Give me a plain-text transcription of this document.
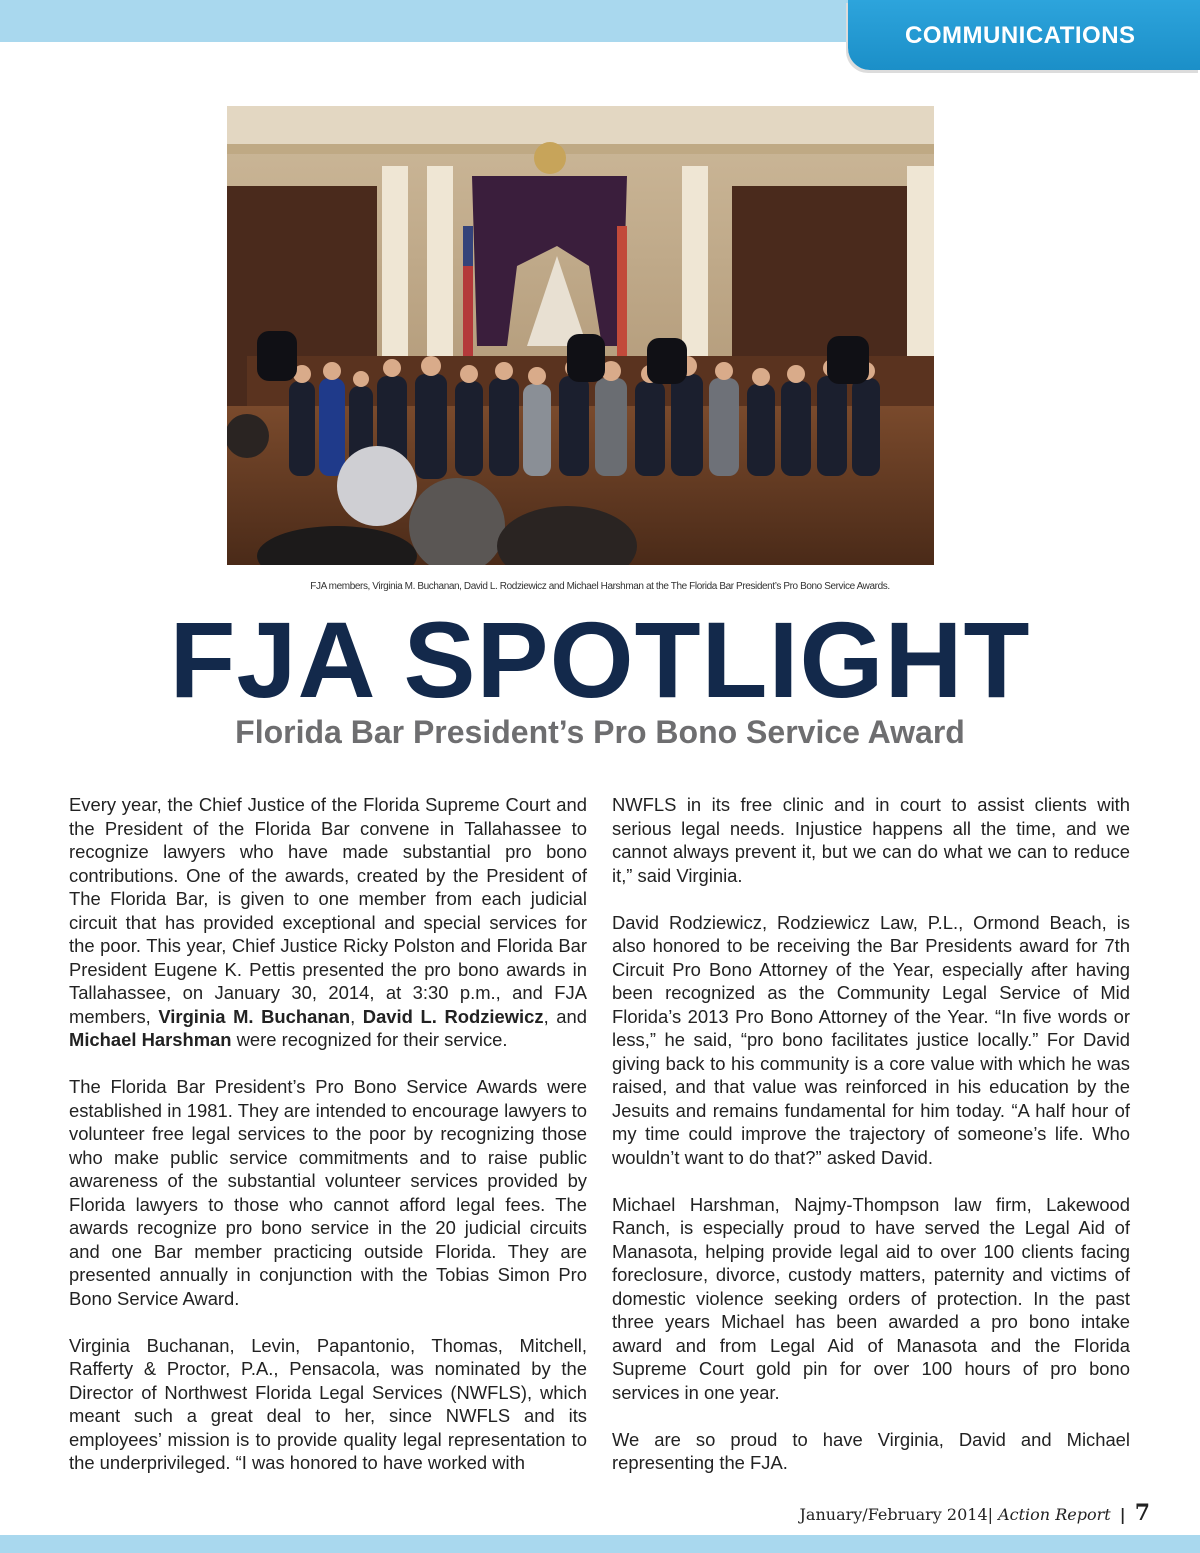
COMMUNICATIONS
FJA members, Virginia M. Buchanan, David L. Rodziewicz and Michael Harshman at the The Florida Bar President’s Pro Bono Service Awards.
FJA SPOTLIGHT
Florida Bar President’s Pro Bono Service Award

Every year, the Chief Justice of the Florida Supreme Court and the President of the Florida Bar convene in Tallahassee to recognize lawyers who have made substantial pro bono contributions. One of the awards, created by the President of The Florida Bar, is given to one member from each judicial circuit that has provided exceptional and special services for the poor. This year, Chief Justice Ricky Polston and Florida Bar President Eugene K. Pettis presented the pro bono awards in Tallahassee, on January 30, 2014, at 3:30 p.m., and FJA members, Virginia M. Buchanan, David L. Rodziewicz, and Michael Harshman were recognized for their service.

The Florida Bar President’s Pro Bono Service Awards were established in 1981. They are intended to encourage lawyers to volunteer free legal services to the poor by recognizing those who make public service commitments and to raise public awareness of the substantial volunteer services provided by Florida lawyers to those who cannot afford legal fees. The awards recognize pro bono service in the 20 judicial circuits and one Bar member practicing outside Florida. They are presented annually in conjunction with the Tobias Simon Pro Bono Service Award.

Virginia Buchanan, Levin, Papantonio, Thomas, Mitchell, Rafferty & Proctor, P.A., Pensacola, was nominated by the Director of Northwest Florida Legal Services (NWFLS), which meant such a great deal to her, since NWFLS and its employees’ mission is to provide quality legal representation to the underprivileged. “I was honored to have worked with

NWFLS in its free clinic and in court to assist clients with serious legal needs. Injustice happens all the time, and we cannot always prevent it, but we can do what we can to reduce it,” said Virginia.

David Rodziewicz, Rodziewicz Law, P.L., Ormond Beach, is also honored to be receiving the Bar Presidents award for 7th Circuit Pro Bono Attorney of the Year, especially after having been recognized as the Community Legal Service of Mid Florida’s 2013 Pro Bono Attorney of the Year. “In five words or less,” he said, “pro bono facilitates justice locally.” For David giving back to his community is a core value with which he was raised, and that value was reinforced in his education by the Jesuits and remains fundamental for him today. “A half hour of my time could improve the trajectory of someone’s life. Who wouldn’t want to do that?” asked David.

Michael Harshman, Najmy-Thompson law firm, Lakewood Ranch, is especially proud to have served the Legal Aid of Manasota, helping provide legal aid to over 100 clients facing foreclosure, divorce, custody matters, paternity and victims of domestic violence seeking orders of protection. In the past three years Michael has been awarded a pro bono intake award and from Legal Aid of Manasota and the Florida Supreme Court gold pin for over 100 hours of pro bono services in one year.

We are so proud to have Virginia, David and Michael representing the FJA.

January/February 2014| Action Report | 7
